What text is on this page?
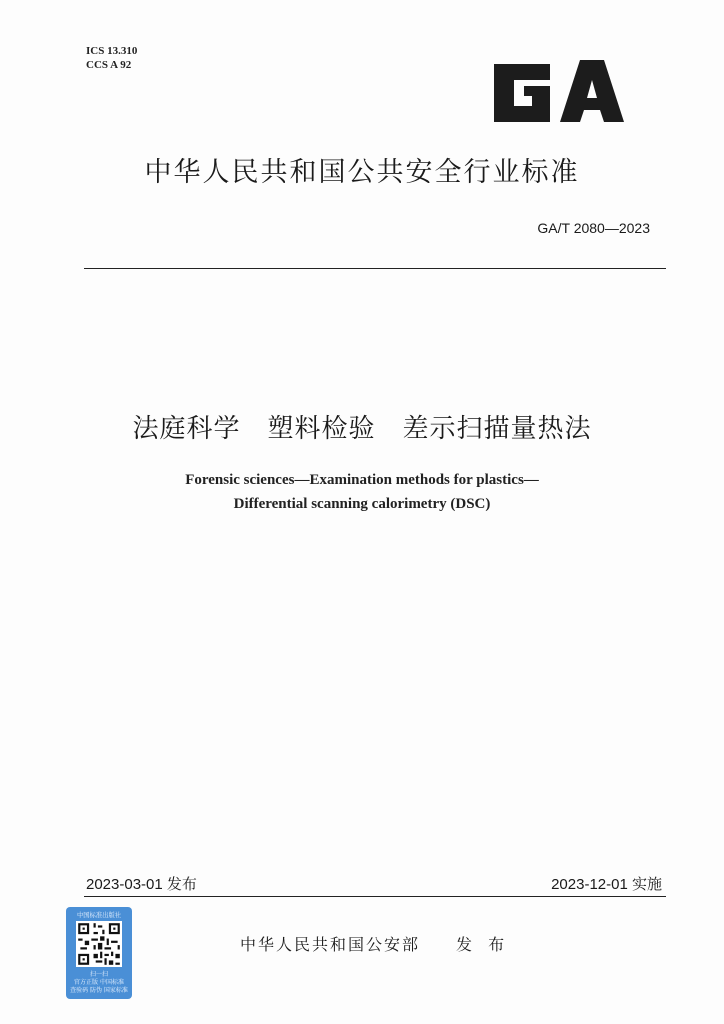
ICS 13.310
CCS A 92
中华人民共和国公共安全行业标准
GA/T 2080—2023
法庭科学　塑料检验　差示扫描量热法
Forensic sciences—Examination methods for plastics—
Differential scanning calorimetry (DSC)
2023-03-01 发布	2023-12-01 实施
中国标准出版社
扫一扫
官方正版 中国标准
查验码 防伪 国家标准
中华人民共和国公安部　　发  布
